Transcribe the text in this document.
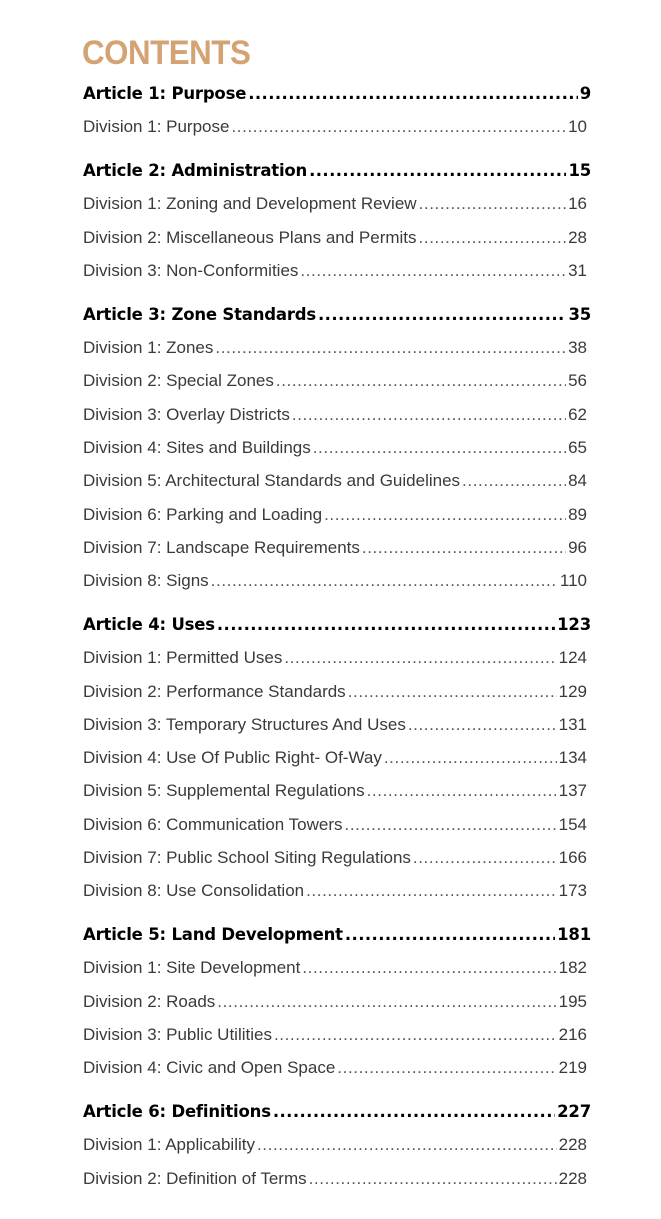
CONTENTS
Article 1: Purpose .....	9
Division 1: Purpose .....	10
Article 2: Administration .....	15
Division 1: Zoning and Development Review .....	16
Division 2: Miscellaneous Plans and Permits .....	28
Division 3: Non-Conformities .....	31
Article 3: Zone Standards .....	35
Division 1: Zones .....	38
Division 2: Special Zones .....	56
Division 3: Overlay Districts .....	62
Division 4: Sites and Buildings .....	65
Division 5: Architectural Standards and Guidelines .....	84
Division 6: Parking and Loading .....	89
Division 7: Landscape Requirements .....	96
Division 8: Signs .....	110
Article 4: Uses .....	123
Division 1: Permitted Uses .....	124
Division 2: Performance Standards .....	129
Division 3: Temporary Structures And Uses .....	131
Division 4: Use Of Public Right- Of-Way .....	134
Division 5: Supplemental Regulations .....	137
Division 6: Communication Towers .....	154
Division 7: Public School Siting Regulations .....	166
Division 8: Use Consolidation .....	173
Article 5: Land Development .....	181
Division 1: Site Development .....	182
Division 2: Roads .....	195
Division 3: Public Utilities .....	216
Division 4: Civic and Open Space .....	219
Article 6: Definitions .....	227
Division 1: Applicability .....	228
Division 2: Definition of Terms .....	228
